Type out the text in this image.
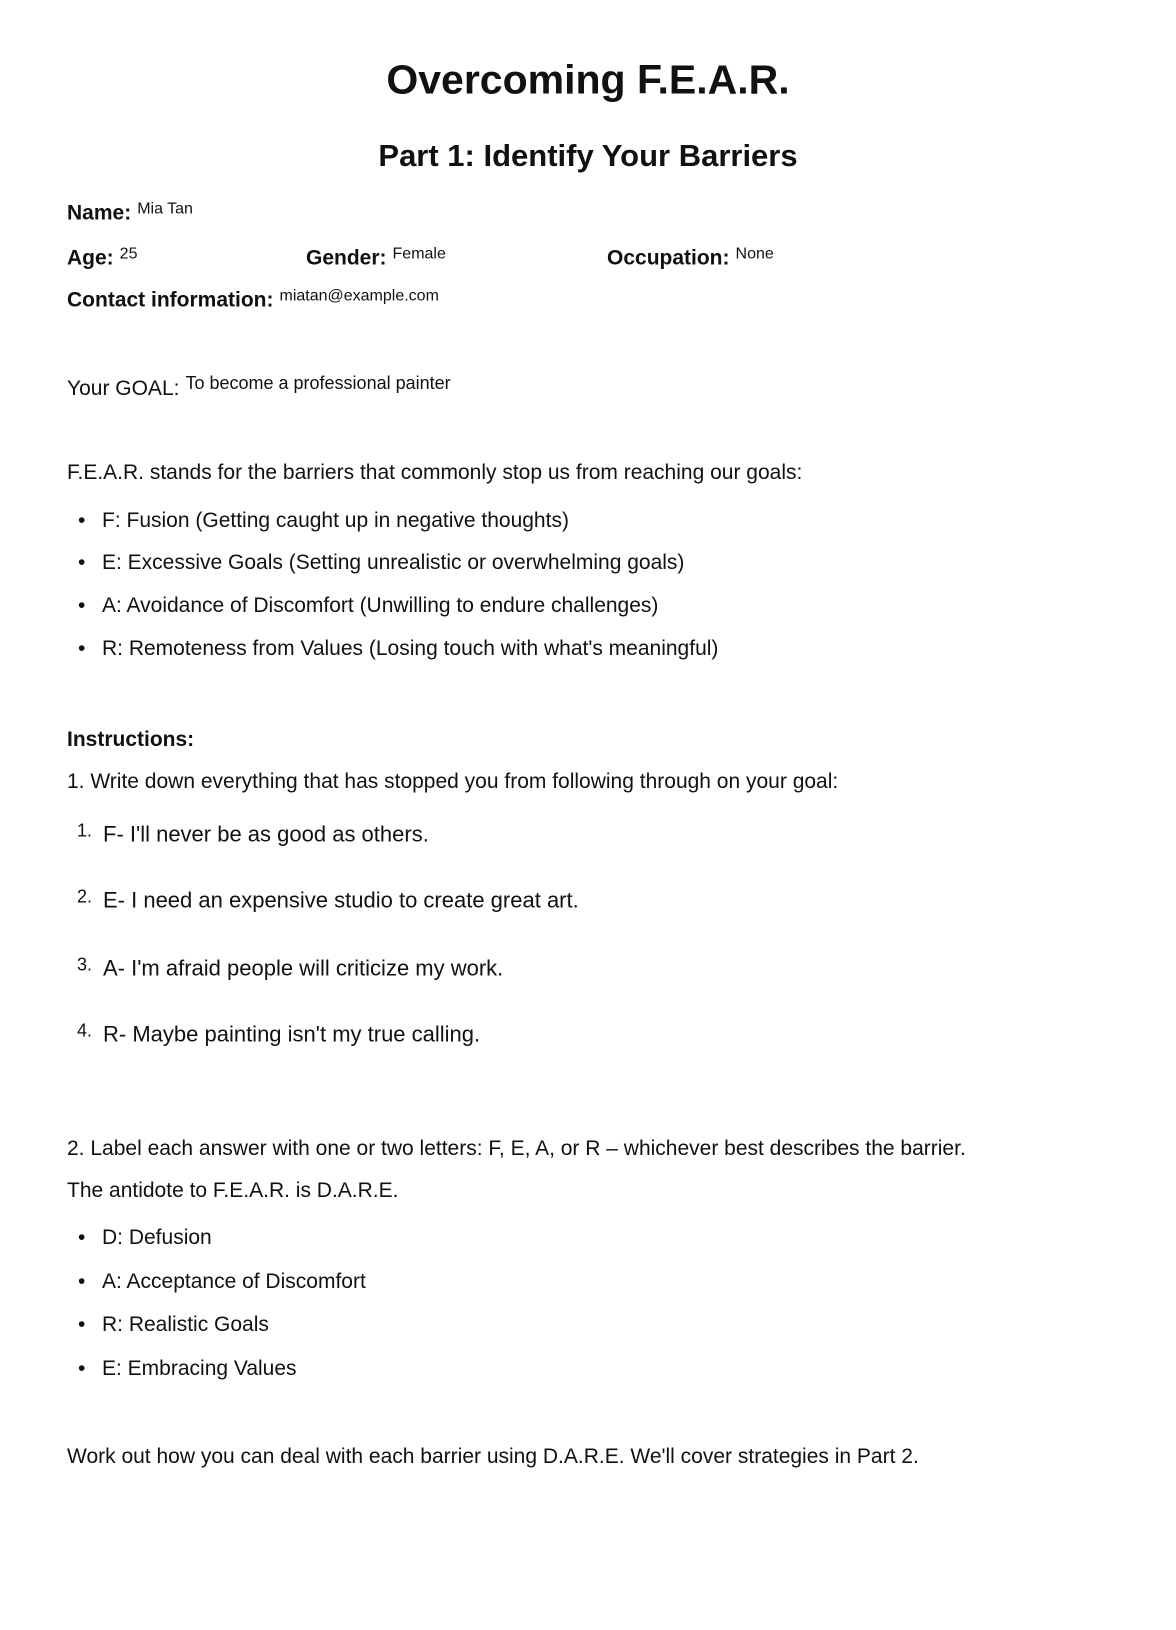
Overcoming F.E.A.R.
Part 1: Identify Your Barriers
Name: $^{Mia Tan}$
Age: $^{25}$	Gender: $^{Female}$	Occupation: $^{None}$
Contact information: $^{miatan@example.com}$
Your GOAL: To become a professional painter
F.E.A.R. stands for the barriers that commonly stop us from reaching our goals:
• F: Fusion (Getting caught up in negative thoughts)
• E: Excessive Goals (Setting unrealistic or overwhelming goals)
• A: Avoidance of Discomfort (Unwilling to endure challenges)
• R: Remoteness from Values (Losing touch with what's meaningful)
Instructions:
1. Write down everything that has stopped you from following through on your goal:
1. F- I'll never be as good as others.
2. E- I need an expensive studio to create great art.
3. A- I'm afraid people will criticize my work.
4. R- Maybe painting isn't my true calling.
2. Label each answer with one or two letters: F, E, A, or R – whichever best describes the barrier.
The antidote to F.E.A.R. is D.A.R.E.
• D: Defusion
• A: Acceptance of Discomfort
• R: Realistic Goals
• E: Embracing Values
Work out how you can deal with each barrier using D.A.R.E. We'll cover strategies in Part 2.
